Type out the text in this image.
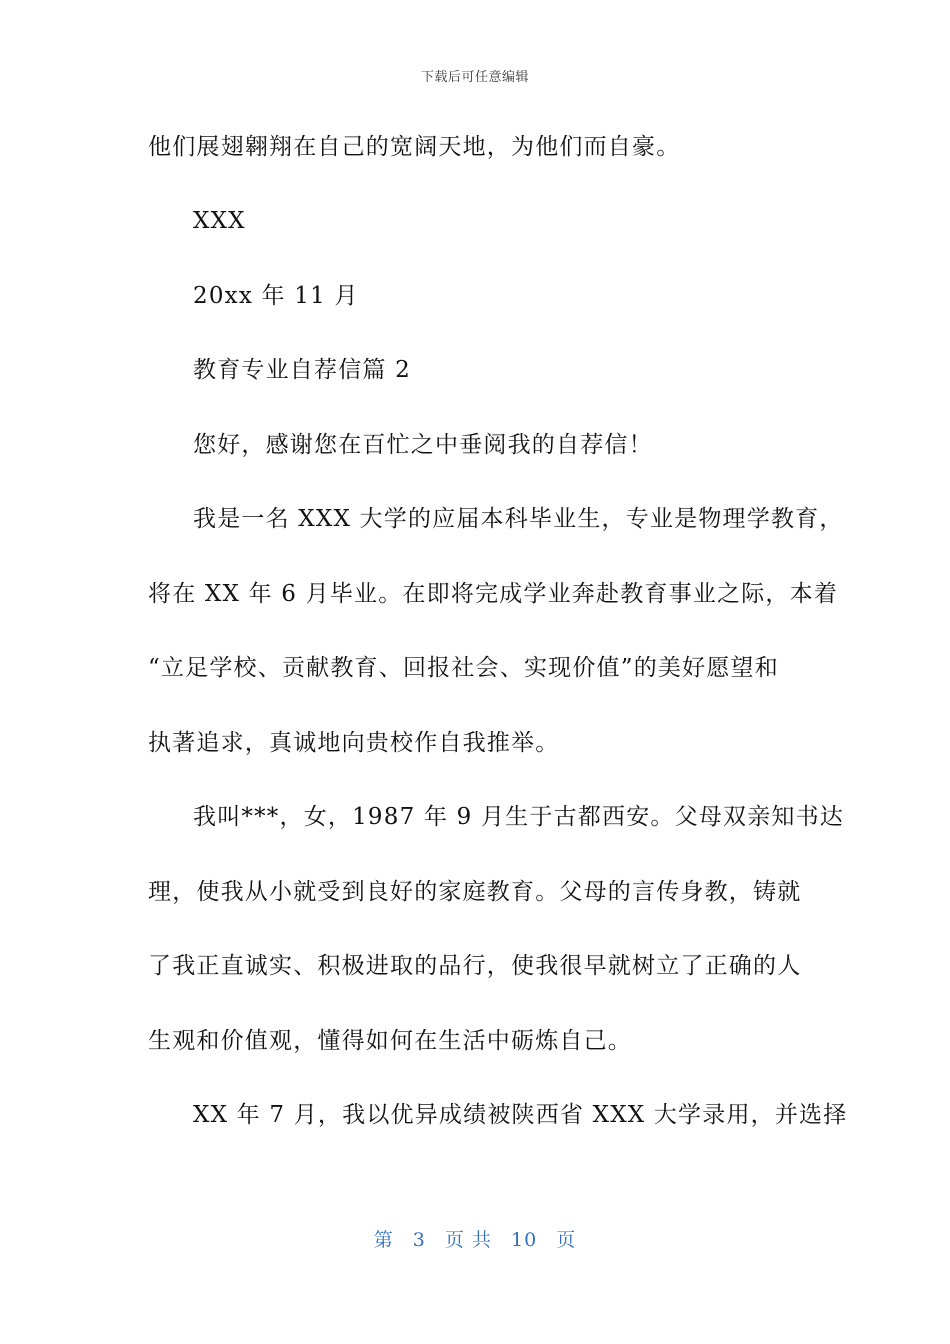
下载后可任意编辑
他们展翅翱翔在自己的宽阔天地，为他们而自豪。
XXX
20xx 年 11 月
教育专业自荐信篇 2
您好，感谢您在百忙之中垂阅我的自荐信！
我是一名 XXX 大学的应届本科毕业生，专业是物理学教育，
将在 XX 年 6 月毕业。在即将完成学业奔赴教育事业之际，本着
“立足学校、贡献教育、回报社会、实现价值”的美好愿望和
执著追求，真诚地向贵校作自我推举。
我叫***，女，1987 年 9 月生于古都西安。父母双亲知书达
理，使我从小就受到良好的家庭教育。父母的言传身教，铸就
了我正直诚实、积极进取的品行，使我很早就树立了正确的人
生观和价值观，懂得如何在生活中砺炼自己。
XX 年 7 月，我以优异成绩被陕西省 XXX 大学录用，并选择
第 3 页 共 10 页
